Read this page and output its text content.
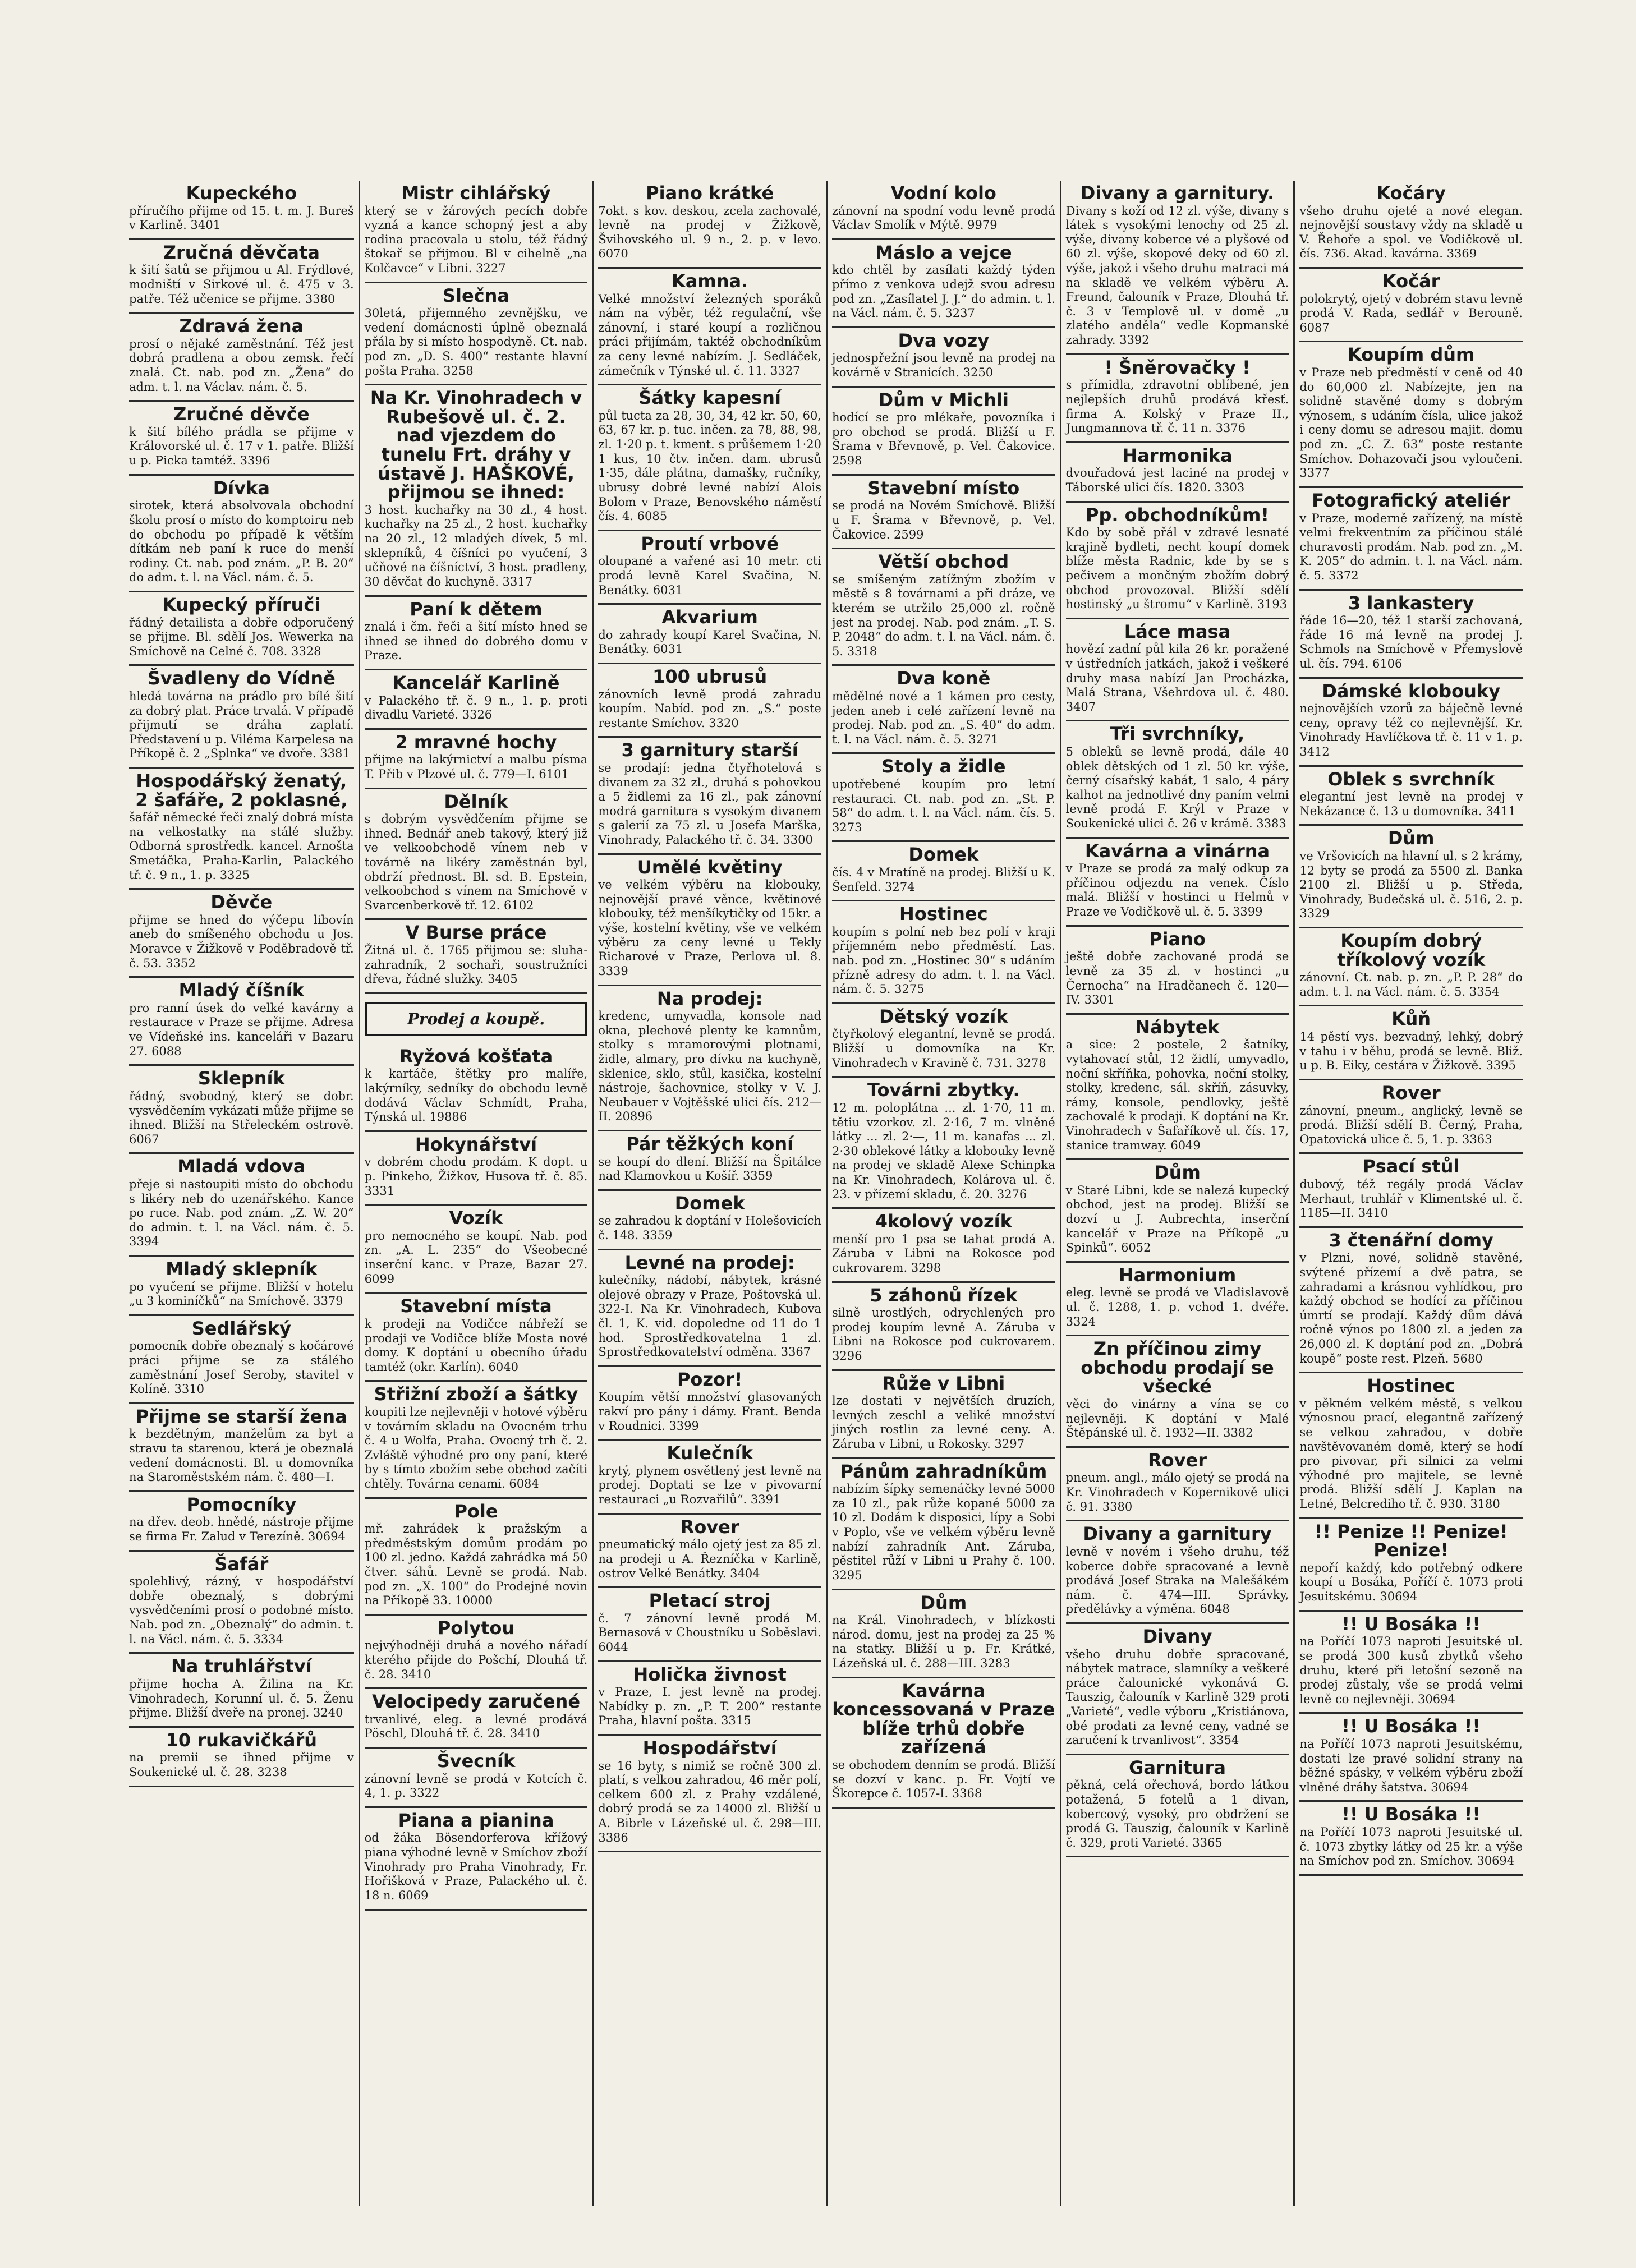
Kupeckého

příručího přijme od 15. t. m. J. Bureš v Karlině. 3401

Zručná děvčata

k šití šatů se přijmou u Al. Frýdlové, modniští v Sirkové ul. č. 475 v 3. patře. Též učenice se přijme. 3380

Zdravá žena

prosí o nějaké zaměstnání. Též jest dobrá pradlena a obou zemsk. řečí znalá. Ct. nab. pod zn. „Žena“ do adm. t. l. na Václav. nám. č. 5.

Zručné děvče

k šití bílého prádla se přijme v Královorské ul. č. 17 v 1. patře. Bližší u p. Picka tamtéž. 3396

Dívka

sirotek, která absolvovala obchodní školu prosí o místo do komptoiru neb do obchodu po případě k větším dítkám neb paní k ruce do menší rodiny. Ct. nab. pod znám. „P. B. 20“ do adm. t. l. na Václ. nám. č. 5.

Kupecký příruči

řádný detailista a dobře odporučený se přijme. Bl. sdělí Jos. Wewerka na Smíchově na Celné č. 708. 3328

Švadleny do Vídně

hledá továrna na prádlo pro bílé šití za dobrý plat. Práce trvalá. V případě přijmutí se dráha zaplatí. Představení u p. Viléma Karpelesa na Příkopě č. 2 „Splnka“ ve dvoře. 3381

Hospodářský ženatý, 2 šafáře, 2 poklasné,

šafář německé řeči znalý dobrá místa na velkostatky na stálé služby. Odborná sprostředk. kancel. Arnošta Smetáčka, Praha-Karlin, Palackého tř. č. 9 n., 1. p. 3325

Děvče

přijme se hned do výčepu libovín aneb do smíšeného obchodu u Jos. Moravce v Žižkově v Poděbradově tř. č. 53. 3352

Mladý číšník

pro ranní úsek do velké kavárny a restaurace v Praze se přijme. Adresa ve Vídeňské ins. kanceláři v Bazaru 27. 6088

Sklepník

řádný, svobodný, který se dobr. vysvědčením vykázati může přijme se ihned. Bližší na Střeleckém ostrově. 6067

Mladá vdova

přeje si nastoupiti místo do obchodu s likéry neb do uzenářského. Kance po ruce. Nab. pod znám. „Z. W. 20“ do admin. t. l. na Václ. nám. č. 5. 3394

Mladý sklepník

po vyučení se přijme. Bližší v hotelu „u 3 kominíčků“ na Smíchově. 3379

Sedlářský

pomocník dobře obeznalý s kočárové práci přijme se za stálého zaměstnání Josef Seroby, stavitel v Kolíně. 3310

Přijme se starší žena

k bezdětným, manželům za byt a stravu ta starenou, která je obeznalá vedení domácnosti. Bl. u domovníka na Staroměstském nám. č. 480—I.

Pomocníky

na dřev. deob. hnědé, nástroje přijme se firma Fr. Zalud v Terezíně. 30694

Šafář

spolehlivý, rázný, v hospodářství dobře obeznalý, s dobrými vysvědčeními prosí o podobné místo. Nab. pod zn. „Obeznalý“ do admin. t. l. na Václ. nám. č. 5. 3334

Na truhlářství

přijme hocha A. Žilina na Kr. Vinohradech, Korunní ul. č. 5. Ženu přijme. Bližší dveře na pronej. 3240

10 rukavičkářů

na premii se ihned přijme v Soukenické ul. č. 28. 3238

Mistr cihlářský

který se v žárových pecích dobře vyzná a kance schopný jest a aby rodina pracovala u stolu, též řádný štokař se přijmou. Bl v cihelně „na Kolčavce“ v Libni. 3227

Slečna

30letá, přijemného zevnějšku, ve vedení domácnosti úplně obeznalá přála by si místo hospodyně. Ct. nab. pod zn. „D. S. 400“ restante hlavní pošta Praha. 3258

Na Kr. Vinohradech v Rubešově ul. č. 2. nad vjezdem do tunelu Frt. dráhy v ústavě J. HAŠKOVÉ, přijmou se ihned:

3 host. kuchařky na 30 zl., 4 host. kuchařky na 25 zl., 2 host. kuchařky na 20 zl., 12 mladých dívek, 5 ml. sklepníků, 4 číšníci po vyučení, 3 učňové na číšníctví, 3 host. pradleny, 30 děvčat do kuchyně. 3317

Paní k dětem

znalá i čm. řeči a šití místo hned se ihned se ihned do dobrého domu v Praze.

Kancelář Karlině

v Palackého tř. č. 9 n., 1. p. proti divadlu Varieté. 3326

2 mravné hochy

přijme na lakýrnictví a malbu písma T. Přib v Plzové ul. č. 779—I. 6101

Dělník

s dobrým vysvědčením přijme se ihned. Bednář aneb takový, který již ve velkoobchodě vínem neb v továrně na likéry zaměstnán byl, obdrží přednost. Bl. sd. B. Epstein, velkoobchod s vínem na Smíchově v Svarcenberkově tř. 12. 6102

V Burse práce

Žitná ul. č. 1765 přijmou se: sluha-zahradník, 2 sochaři, soustružníci dřeva, řádné služky. 3405

Prodej a koupě.
Ryžová košťata

k kartáče, štětky pro malíře, lakýrníky, sedníky do obchodu levně dodává Václav Schmídt, Praha, Týnská ul. 19886

Hokynářství

v dobrém chodu prodám. K dopt. u p. Pinkeho, Žižkov, Husova tř. č. 85. 3331

Vozík

pro nemocného se koupí. Nab. pod zn. „A. L. 235“ do Všeobecné inserční kanc. v Praze, Bazar 27. 6099

Stavební místa

k prodeji na Vodičce nábřeží se prodaji ve Vodičce blíže Mosta nové domy. K doptání u obecního úřadu tamtéž (okr. Karlín). 6040

Střižní zboží a šátky

koupiti lze nejlevněji v hotové výběru v továrním skladu na Ovocném trhu č. 4 u Wolfa, Praha. Ovocný trh č. 2. Zvláště výhodné pro ony paní, které by s tímto zbožím sebe obchod začíti chtěly. Továrna cenami. 6084

Pole

mř. zahrádek k pražským a předměstským domům prodám po 100 zl. jedno. Každá zahrádka má 50 čtver. sáhů. Levně se prodá. Nab. pod zn. „X. 100“ do Prodejné novin na Příkopě 33. 10000

Polytou

nejvýhodněji druhá a nového nářadí kterého přijde do Pošchí, Dlouhá tř. č. 28. 3410

Velocipedy zaručené

trvanlivé, eleg. a levné prodává Pöschl, Dlouhá tř. č. 28. 3410

Švecník

zánovní levně se prodá v Kotcích č. 4, 1. p. 3322

Piana a pianina

od žáka Bösendorferova křížový piana výhodné levně v Smíchov zboží Vinohrady pro Praha Vinohrady, Fr. Hořišková v Praze, Palackého ul. č. 18 n. 6069

Piano krátké

7okt. s kov. deskou, zcela zachovalé, levně na prodej v Žižkově, Švihovského ul. 9 n., 2. p. v levo. 6070

Kamna.

Velké množství železných sporáků nám na výběr, též regulační, vše zánovní, i staré koupí a rozličnou práci přijímám, taktéž obchodníkům za ceny levné nabízím. J. Sedláček, zámečník v Týnské ul. č. 11. 3327

Šátky kapesní

půl tucta za 28, 30, 34, 42 kr. 50, 60, 63, 67 kr. p. tuc. inčen. za 78, 88, 98, zl. 1·20 p. t. kment. s průšemem 1·20 1 kus, 10 čtv. inčen. dam. ubrusů 1·35, dále plátna, damašky, ručníky, ubrusy dobré levné nabízí Alois Bolom v Praze, Benovského náměstí čís. 4. 6085

Proutí vrbové

oloupané a vařené asi 10 metr. cti prodá levně Karel Svačina, N. Benátky. 6031

Akvarium

do zahrady koupí Karel Svačina, N. Benátky. 6031

100 ubrusů

zánovních levně prodá zahradu koupím. Nabíd. pod zn. „S.“ poste restante Smíchov. 3320

3 garnitury starší

se prodají: jedna čtyřhotelová s divanem za 32 zl., druhá s pohovkou a 5 židlemi za 16 zl., pak zánovní modrá garnitura s vysokým divanem s galerií za 75 zl. u Josefa Marška, Vinohrady, Palackého tř. č. 34. 3300

Umělé květiny

ve velkém výběru na klobouky, nejnovější pravé věnce, květinové klobouky, též menšíkytičky od 15kr. a výše, kostelní květiny, vše ve velkém výběru za ceny levné u Tekly Richarové v Praze, Perlova ul. 8. 3339

Na prodej:

kredenc, umyvadla, konsole nad okna, plechové plenty ke kamnům, stolky s mramorovými plotnami, židle, almary, pro dívku na kuchyně, sklenice, sklo, stůl, kasička, kostelní nástroje, šachovnice, stolky v V. J. Neubauer v Vojtěšské ulici čís. 212—II. 20896

Pár těžkých koní

se koupí do dlení. Bližší na Špitálce nad Klamovkou u Košíř. 3359

Domek

se zahradou k doptání v Holešovicích č. 148. 3359

Levné na prodej:

kulečníky, nádobí, nábytek, krásné olejové obrazy v Praze, Poštovská ul. 322-I. Na Kr. Vinohradech, Kubova čl. 1, K. vid. dopoledne od 11 do 1 hod. Sprostředkovatelna 1 zl. Sprostředkovatelství odměna. 3367

Pozor!

Koupím větší množství glasovaných rakví pro pány i dámy. Frant. Benda v Roudnici. 3399

Kulečník

krytý, plynem osvětlený jest levně na prodej. Doptati se lze v pivovarní restauraci „u Rozvařilů“. 3391

Rover

pneumatický málo ojetý jest za 85 zl. na prodeji u A. Řezníčka v Karlině, ostrov Velké Benátky. 3404

Pletací stroj

č. 7 zánovní levně prodá M. Bernasová v Choustníku u Soběslavi. 6044

Holička živnost

v Praze, I. jest levně na prodej. Nabídky p. zn. „P. T. 200“ restante Praha, hlavní pošta. 3315

Hospodářství

se 16 byty, s nimiž se ročně 300 zl. platí, s velkou zahradou, 46 měr polí, celkem 600 zl. z Prahy vzdálené, dobrý prodá se za 14000 zl. Bližší u A. Bibrle v Lázeňské ul. č. 298—III. 3386

Vodní kolo

zánovní na spodní vodu levně prodá Václav Smolík v Mýtě. 9979

Máslo a vejce

kdo chtěl by zasílati každý týden přímo z venkova udejž svou adresu pod zn. „Zasílatel J. J.“ do admin. t. l. na Václ. nám. č. 5. 3237

Dva vozy

jednospřežní jsou levně na prodej na kovárně v Stranicích. 3250

Dům v Michli

hodící se pro mlékaře, povozníka i pro obchod se prodá. Bližší u F. Šrama v Břevnově, p. Vel. Čakovice. 2598

Stavební místo

se prodá na Novém Smíchově. Bližší u F. Šrama v Břevnově, p. Vel. Čakovice. 2599

Větší obchod

se smíšeným zatížným zbožím v městě s 8 továrnami a při dráze, ve kterém se utržilo 25,000 zl. ročně jest na prodej. Nab. pod znám. „T. S. P. 2048“ do adm. t. l. na Václ. nám. č. 5. 3318

Dva koně

mědělné nové a 1 kámen pro cesty, jeden aneb i celé zařízení levně na prodej. Nab. pod zn. „S. 40“ do adm. t. l. na Václ. nám. č. 5. 3271

Stoly a židle

upotřebené koupím pro letní restauraci. Ct. nab. pod zn. „St. P. 58“ do adm. t. l. na Václ. nám. čís. 5. 3273

Domek

čís. 4 v Mratíně na prodej. Bližší u K. Šenfeld. 3274

Hostinec

koupím s polní neb bez polí v kraji příjemném nebo předměstí. Las. nab. pod zn. „Hostinec 30“ s udáním přízně adresy do adm. t. l. na Václ. nám. č. 5. 3275

Dětský vozík

čtyřkolový elegantní, levně se prodá. Bližší u domovníka na Kr. Vinohradech v Kravině č. 731. 3278

Továrni zbytky.

12 m. poloplátna ... zl. 1·70, 11 m. tětiu vzorkov. zl. 2·16, 7 m. vlněné látky ... zl. 2·—, 11 m. kanafas ... zl. 2·30 oblekové látky a klobouky levně na prodej ve skladě Alexe Schinpka na Kr. Vinohradech, Kolárova ul. č. 23. v přízemí skladu, č. 20. 3276

4kolový vozík

menší pro 1 psa se tahat prodá A. Záruba v Libni na Rokosce pod cukrovarem. 3298

5 záhonů řízek

silně urostlých, odrychlených pro prodej koupím levně A. Záruba v Libni na Rokosce pod cukrovarem. 3296

Růže v Libni

lze dostati v největších druzích, levných zeschl a veliké množství jiných rostlin za levné ceny. A. Záruba v Libni, u Rokosky. 3297

Pánům zahradníkům

nabízím šípky semenáčky levné 5000 za 10 zl., pak růže kopané 5000 za 10 zl. Dodám k disposici, lípy a Sobi v Poplo, vše ve velkém výběru levně nabízí zahradník Ant. Záruba, pěstitel růží v Libni u Prahy č. 100. 3295

Dům

na Král. Vinohradech, v blízkosti národ. domu, jest na prodej za 25 % na statky. Bližší u p. Fr. Krátké, Lázeňská ul. č. 288—III. 3283

Kavárna koncessovaná v Praze blíže trhů dobře zařízená

se obchodem denním se prodá. Bližší se dozví v kanc. p. Fr. Vojtí ve Škorepce č. 1057-I. 3368

Divany a garnitury.

Divany s koží od 12 zl. výše, divany s látek s vysokými lenochy od 25 zl. výše, divany koberce vé a plyšové od 60 zl. výše, skopové deky od 60 zl. výše, jakož i všeho druhu matraci má na skladě ve velkém výběru A. Freund, čalouník v Praze, Dlouhá tř. č. 3 v Templově ul. v domě „u zlatého anděla“ vedle Kopmanské zahrady. 3392

! Šněrovačky !

s přímidla, zdravotní oblíbené, jen nejlepších druhů prodává křesť. firma A. Kolský v Praze II., Jungmannova tř. č. 11 n. 3376

Harmonika

dvouřadová jest laciné na prodej v Táborské ulici čís. 1820. 3303

Pp. obchodníkům!

Kdo by sobě přál v zdravé lesnaté krajině bydleti, necht koupí domek blíže města Radnic, kde by se s pečivem a mončným zbožím dobrý obchod provozoval. Bližší sdělí hostinský „u štromu“ v Karlině. 3193

Láce masa

hovězí zadní půl kila 26 kr. poražené v ústředních jatkách, jakož i veškeré druhy masa nabízí Jan Procházka, Malá Strana, Všehrdova ul. č. 480. 3407

Tři svrchníky,

5 obleků se levně prodá, dále 40 oblek dětských od 1 zl. 50 kr. výše, černý císařský kabát, 1 salo, 4 páry kalhot na jednotlivé dny paním velmi levně prodá F. Krýl v Praze v Soukenické ulici č. 26 v krámě. 3383

Kavárna a vinárna

v Praze se prodá za malý odkup za příčinou odjezdu na venek. Číslo malá. Bližší v hostinci u Helmů v Praze ve Vodičkově ul. č. 5. 3399

Piano

ještě dobře zachované prodá se levně za 35 zl. v hostinci „u Černocha“ na Hradčanech č. 120—IV. 3301

Nábytek

a sice: 2 postele, 2 šatníky, vytahovací stůl, 12 židlí, umyvadlo, noční skříňka, pohovka, noční stolky, stolky, kredenc, sál. skříň, zásuvky, rámy, konsole, pendlovky, ještě zachovalé k prodaji. K doptání na Kr. Vinohradech v Šafaříkově ul. čís. 17, stanice tramway. 6049

Dům

v Staré Libni, kde se nalezá kupecký obchod, jest na prodej. Bližší se dozví u J. Aubrechta, inserční kancelář v Praze na Příkopě „u Spinků“. 6052

Harmonium

eleg. levně se prodá ve Vladislavově ul. č. 1288, 1. p. vchod 1. dvéře. 3324

Zn příčinou zimy obchodu prodají se všecké

věci do vinárny a vína se co nejlevněji. K doptání v Malé Štěpánské ul. č. 1932—II. 3382

Rover

pneum. angl., málo ojetý se prodá na Kr. Vinohradech v Kopernikově ulici č. 91. 3380

Divany a garnitury

levně v novém i všeho druhu, též koberce dobře spracované a levně prodává Josef Straka na Malešákém nám. č. 474—III. Správky, předělávky a výměna. 6048

Divany

všeho druhu dobře spracované, nábytek matrace, slamníky a veškeré práce čalounické vykonává G. Tauszig, čalouník v Karlině 329 proti „Varieté“, vedle výboru „Kristiánova, obé prodati za levné ceny, vadné se zaručení k trvanlivost“. 3354

Garnitura

pěkná, celá ořechová, bordo látkou potažená, 5 fotelů a 1 divan, kobercový, vysoký, pro obdržení se prodá G. Tauszig, čalouník v Karlině č. 329, proti Varieté. 3365

Kočáry

všeho druhu ojeté a nové elegan. nejnovější soustavy vždy na skladě u V. Řehoře a spol. ve Vodičkově ul. čís. 736. Akad. kavárna. 3369

Kočár

polokrytý, ojetý v dobrém stavu levně prodá V. Rada, sedlář v Berouně. 6087

Koupím dům

v Praze neb předměstí v ceně od 40 do 60,000 zl. Nabízejte, jen na solidně stavěné domy s dobrým výnosem, s udáním čísla, ulice jakož i ceny domu se adresou majit. domu pod zn. „C. Z. 63“ poste restante Smíchov. Dohazovači jsou vyloučeni. 3377

Fotografický ateliér

v Praze, moderně zařízený, na místě velmi frekventním za příčinou stálé churavosti prodám. Nab. pod zn. „M. K. 205“ do admin. t. l. na Václ. nám. č. 5. 3372

3 lankastery

řáde 16—20, též 1 starší zachovaná, řáde 16 má levně na prodej J. Schmols na Smíchově v Přemyslově ul. čís. 794. 6106

Dámské klobouky

nejnovějších vzorů za báječně levné ceny, opravy též co nejlevnější. Kr. Vinohrady Havlíčkova tř. č. 11 v 1. p. 3412

Oblek s svrchník

elegantní jest levně na prodej v Nekázance č. 13 u domovníka. 3411

Dům

ve Vršovicích na hlavní ul. s 2 krámy, 12 byty se prodá za 5500 zl. Banka 2100 zl. Bližší u p. Středa, Vinohrady, Budečská ul. č. 516, 2. p. 3329

Koupím dobrý tříkolový vozík

zánovní. Ct. nab. p. zn. „P. P. 28“ do adm. t. l. na Václ. nám. č. 5. 3354

Kůň

14 pěstí vys. bezvadný, lehký, dobrý v tahu i v běhu, prodá se levně. Bliž. u p. B. Eiky, cestára v Žižkově. 3395

Rover

zánovní, pneum., anglický, levně se prodá. Bližší sdělí B. Černý, Praha, Opatovická ulice č. 5, 1. p. 3363

Psací stůl

dubový, též regály prodá Václav Merhaut, truhlář v Klimentské ul. č. 1185—II. 3410

3 čtenářní domy

v Plzni, nové, solidně stavěné, svýtené přízemí a dvě patra, se zahradami a krásnou vyhlídkou, pro každý obchod se hodící za příčinou úmrtí se prodají. Každý dům dává ročně výnos po 1800 zl. a jeden za 26,000 zl. K doptání pod zn. „Dobrá koupě“ poste rest. Plzeň. 5680

Hostinec

v pěkném velkém městě, s velkou výnosnou prací, elegantně zařízený se velkou zahradou, v dobře navštěvovaném domě, který se hodí pro pivovar, při silnici za velmi výhodné pro majitele, se levně prodá. Bližší sdělí J. Kaplan na Letné, Belcrediho tř. č. 930. 3180

!! Penize !! Penize! Penize!

nepoří každý, kdo potřebný odkere koupí u Bosáka, Poříčí č. 1073 proti Jesuitskému. 30694

!! U Bosáka !!

na Poříčí 1073 naproti Jesuitské ul. se prodá 300 kusů zbytků všeho druhu, které při letošní sezoně na prodej zůstaly, vše se prodá velmi levně co nejlevněji. 30694

!! U Bosáka !!

na Poříčí 1073 naproti Jesuitskému, dostati lze pravé solidní strany na běžné spásky, v velkém výběru zboží vlněné dráhy šatstva. 30694

!! U Bosáka !!

na Poříčí 1073 naproti Jesuitské ul. č. 1073 zbytky látky od 25 kr. a výše na Smíchov pod zn. Smíchov. 30694
